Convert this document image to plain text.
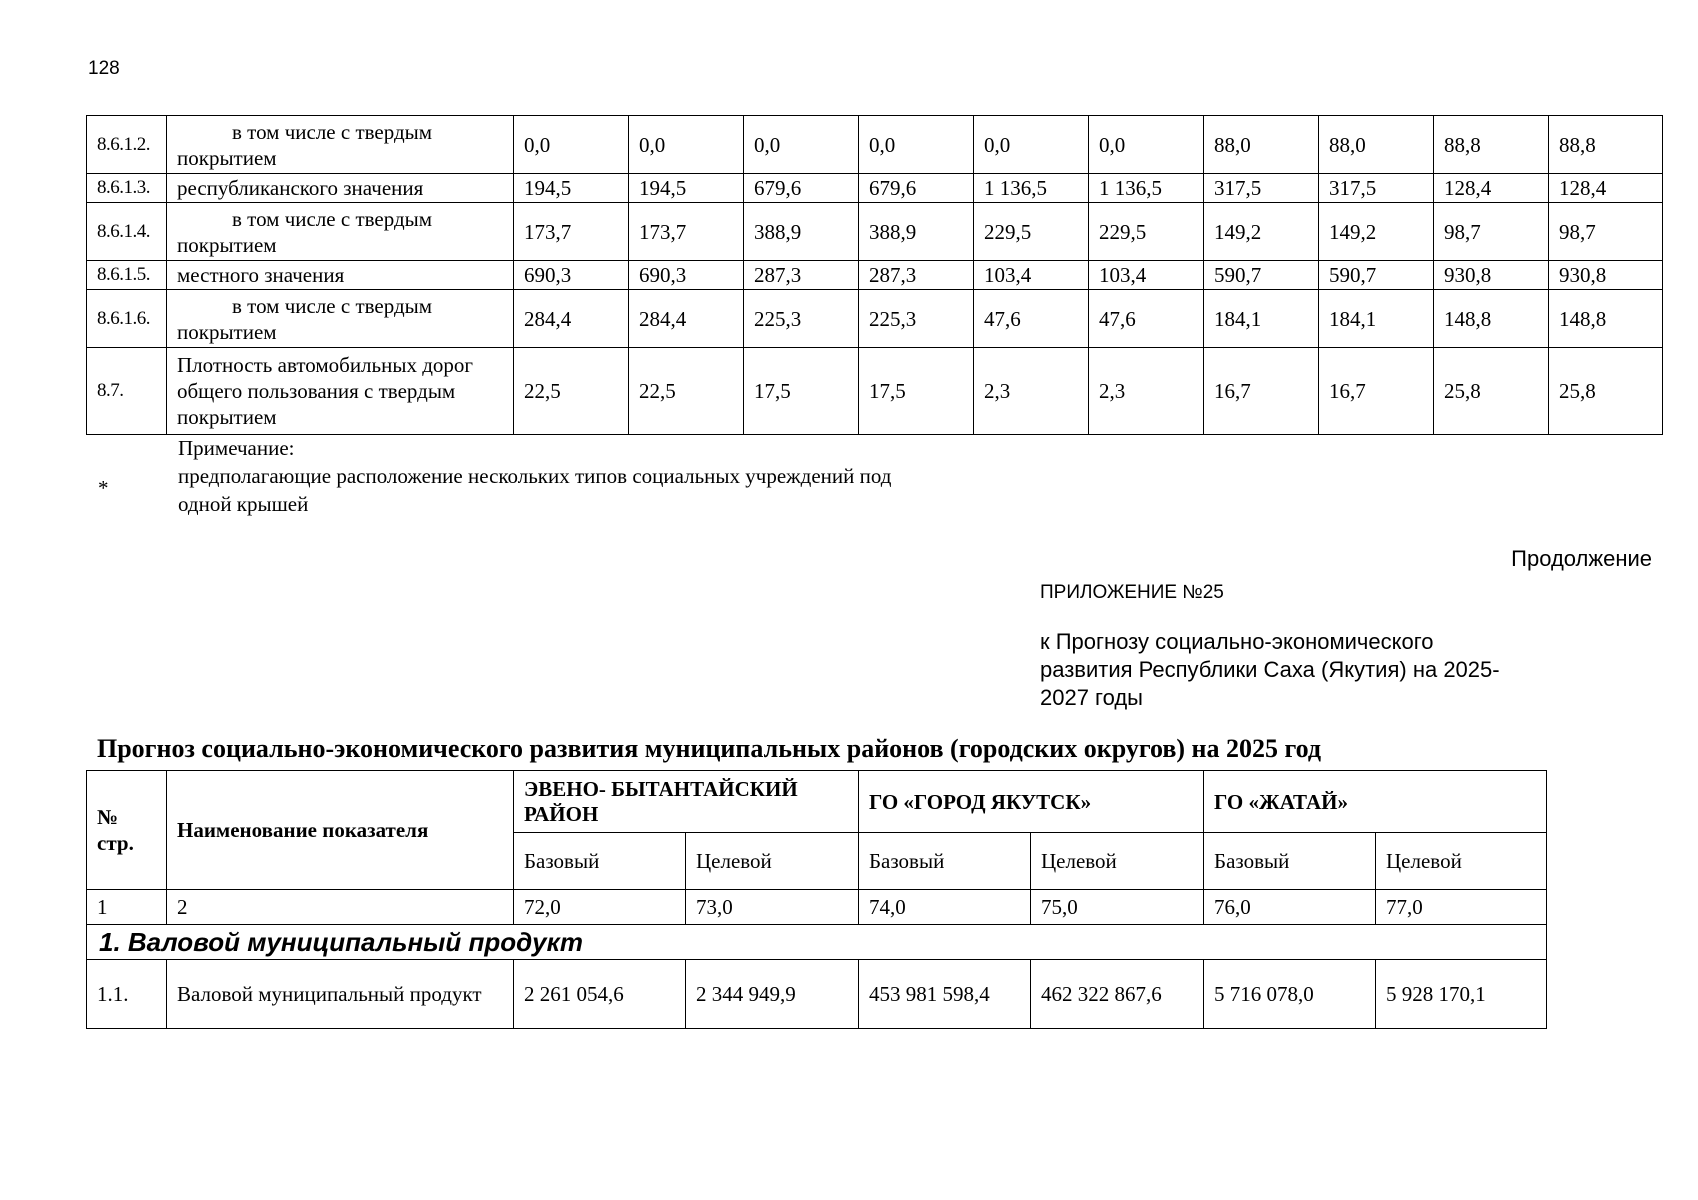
128
8.6.1.2.	в том числе с твердым покрытием	0,0	0,0	0,0	0,0	0,0	0,0	88,0	88,0	88,8	88,8
8.6.1.3.	республиканского значения	194,5	194,5	679,6	679,6	1 136,5	1 136,5	317,5	317,5	128,4	128,4
8.6.1.4.	в том числе с твердым покрытием	173,7	173,7	388,9	388,9	229,5	229,5	149,2	149,2	98,7	98,7
8.6.1.5.	местного значения	690,3	690,3	287,3	287,3	103,4	103,4	590,7	590,7	930,8	930,8
8.6.1.6.	в том числе с твердым покрытием	284,4	284,4	225,3	225,3	47,6	47,6	184,1	184,1	148,8	148,8
8.7.	Плотность автомобильных дорог общего пользования с твердым покрытием	22,5	22,5	17,5	17,5	2,3	2,3	16,7	16,7	25,8	25,8
Примечание:
*	предполагающие расположение нескольких типов социальных учреждений под одной крышей
Продолжение
ПРИЛОЖЕНИЕ №25
к Прогнозу социально-экономического развития Республики Саха (Якутия) на 2025-2027 годы
Прогноз социально-экономического развития муниципальных районов (городских округов) на 2025 год
№ стр.	Наименование показателя	ЭВЕНО- БЫТАНТАЙСКИЙ РАЙОН		ГО «ГОРОД ЯКУТСК»		ГО «ЖАТАЙ»	
		Базовый	Целевой	Базовый	Целевой	Базовый	Целевой
1	2	72,0	73,0	74,0	75,0	76,0	77,0
1. Валовой муниципальный продукт							
1.1.	Валовой муниципальный продукт	2 261 054,6	2 344 949,9	453 981 598,4	462 322 867,6	5 716 078,0	5 928 170,1
